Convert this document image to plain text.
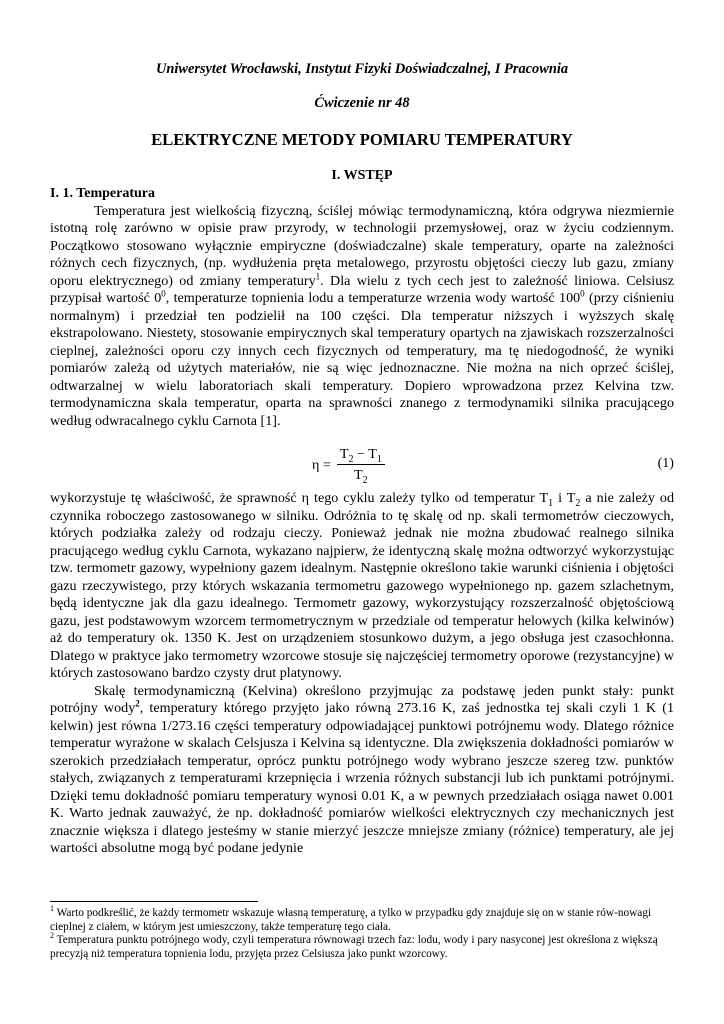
Uniwersytet Wrocławski, Instytut Fizyki Doświadczalnej, I Pracownia
Ćwiczenie nr 48
ELEKTRYCZNE METODY POMIARU TEMPERATURY
I. WSTĘP
I. 1. Temperatura

Temperatura jest wielkością fizyczną, ściślej mówiąc termodynamiczną, która odgrywa niezmiernie istotną rolę zarówno w opisie praw przyrody, w technologii przemysłowej, oraz w życiu codziennym. Początkowo stosowano wyłącznie empiryczne (doświadczalne) skale temperatury, oparte na zależności różnych cech fizycznych, (np. wydłużenia pręta metalowego, przyrostu objętości cieczy lub gazu, zmiany oporu elektrycznego) od zmiany temperatury$^1$. Dla wielu z tych cech jest to zależność liniowa. Celsiusz przypisał wartość $0^0$, temperaturze topnienia lodu a temperaturze wrzenia wody wartość $100^0$ (przy ciśnieniu normalnym) i przedział ten podzielił na 100 części. Dla temperatur niższych i wyższych skalę ekstrapolowano. Niestety, stosowanie empirycznych skal temperatury opartych na zjawiskach rozszerzalności cieplnej, zależności oporu czy innych cech fizycznych od temperatury, ma tę niedogodność, że wyniki pomiarów zależą od użytych materiałów, nie są więc jednoznaczne. Nie można na nich oprzeć ściślej, odtwarzalnej w wielu laboratoriach skali temperatury. Dopiero wprowadzona przez Kelvina tzw. termodynamiczna skala temperatur, oparta na sprawności znanego z termodynamiki silnika pracującego według odwracalnego cyklu Carnota [1].

$\eta = \frac{T_2 - T_1}{T_2}$	(1)

wykorzystuje tę właściwość, że sprawność η tego cyklu zależy tylko od temperatur $T_1$ i $T_2$ a nie zależy od czynnika roboczego zastosowanego w silniku. Odróżnia to tę skalę od np. skali termometrów cieczowych, których podziałka zależy od rodzaju cieczy. Ponieważ jednak nie można zbudować realnego silnika pracującego według cyklu Carnota, wykazano najpierw, że identyczną skalę można odtworzyć wykorzystując tzw. termometr gazowy, wypełniony gazem idealnym. Następnie określono takie warunki ciśnienia i objętości gazu rzeczywistego, przy których wskazania termometru gazowego wypełnionego np. gazem szlachetnym, będą identyczne jak dla gazu idealnego. Termometr gazowy, wykorzystujący rozszerzalność objętościową gazu, jest podstawowym wzorcem termometrycznym w przedziale od temperatur helowych (kilka kelwinów) aż do temperatury ok. 1350 K. Jest on urządzeniem stosunkowo dużym, a jego obsługa jest czasochłonna. Dlatego w praktyce jako termometry wzorcowe stosuje się najczęściej termometry oporowe (rezystancyjne) w których zastosowano bardzo czysty drut platynowy.

Skalę termodynamiczną (Kelvina) określono przyjmując za podstawę jeden punkt stały: punkt potrójny wody$^2$, temperatury którego przyjęto jako równą 273.16 K, zaś jednostka tej skali czyli 1 K (1 kelwin) jest równa 1/273.16 części temperatury odpowiadającej punktowi potrójnemu wody. Dlatego różnice temperatur wyrażone w skalach Celsjusza i Kelvina są identyczne. Dla zwiększenia dokładności pomiarów w szerokich przedziałach temperatur, oprócz punktu potrójnego wody wybrano jeszcze szereg tzw. punktów stałych, związanych z temperaturami krzepnięcia i wrzenia różnych substancji lub ich punktami potrójnymi. Dzięki temu dokładność pomiaru temperatury wynosi 0.01 K, a w pewnych przedziałach osiąga nawet 0.001 K. Warto jednak zauważyć, że np. dokładność pomiarów wielkości elektrycznych czy mechanicznych jest znacznie większa i dlatego jesteśmy w stanie mierzyć jeszcze mniejsze zmiany (różnice) temperatury, ale jej wartości absolutne mogą być podane jedynie

$^1$ Warto podkreślić, że każdy termometr wskazuje własną temperaturę, a tylko w przypadku gdy znajduje się on w stanie rów-nowagi cieplnej z ciałem, w którym jest umieszczony, także temperaturę tego ciała.

$^2$ Temperatura punktu potrójnego wody, czyli temperatura równowagi trzech faz: lodu, wody i pary nasyconej jest określona z większą precyzją niż temperatura topnienia lodu, przyjęta przez Celsiusza jako punkt wzorcowy.
